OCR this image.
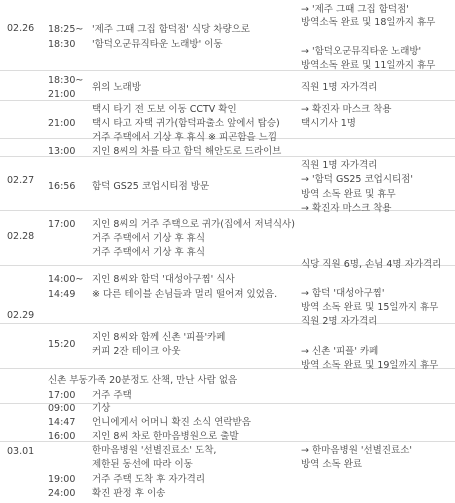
02.26
02.27
02.28
02.29
03.01
18:25~
18:30
18:30~
21:00
21:00
13:00
16:56
17:00
14:00~
14:49
15:20
17:00
09:00
14:47
16:00
19:00
24:00
'제주 그때 그집 함덕점' 식당 차량으로
'함덕오군뮤직타운 노래방' 이동
위의 노래방
택시 타기 전 도보 이동 CCTV 확인
택시 타고 자택 귀가(함덕파출소 앞에서 탑승)
거주 주택에서 기상 후 휴식 ※ 피곤함을 느낌
지인 8씨의 차를 타고 함덕 해안도로 드라이브
함덕 GS25 코업시티점 방문
지인 8씨의 거주 주택으로 귀가(집에서 저녁식사)
거주 주택에서 기상 후 휴식
거주 주택에서 기상 후 휴식
지인 8씨와 함덕 '대성아구찜' 식사
※ 다른 테이블 손님들과 멀리 떨어져 있었음.
지인 8씨와 함께 신촌 '피플'카페
커피 2잔 테이크 아웃
신촌 부동가족 20분정도 산책, 만난 사람 없음
거주 주택
기상
언니에게서 어머니 확진 소식 연락받음
지인 8씨 차로 한마음병원으로 출발
한마음병원 '선별진료소' 도착,
제한된 동선에 따라 이동
거주 주택 도착 후 자가격리
확진 판정 후 이송
→ '제주 그때 그집 함덕점'
방역소독 완료 및 18일까지 휴무
→ '함덕오군뮤직타운 노래방'
방역소독 완료 및 11일까지 휴무
직원 1명 자가격리
→ 확진자 마스크 착용
택시기사 1명
직원 1명 자가격리
→ '함덕 GS25 코업시티점'
방역 소독 완료 및 휴무
→ 확진자 마스크 착용
식당 직원 6명, 손님 4명 자가격리
→ 함덕 '대성아구찜'
방역 소독 완료 및 15일까지 휴무
직원 2명 자가격리
→ 신촌 '피플' 카페
방역 소독 완료 및 19일까지 휴무
→ 한마음병원 '선별진료소'
방역 소독 완료
